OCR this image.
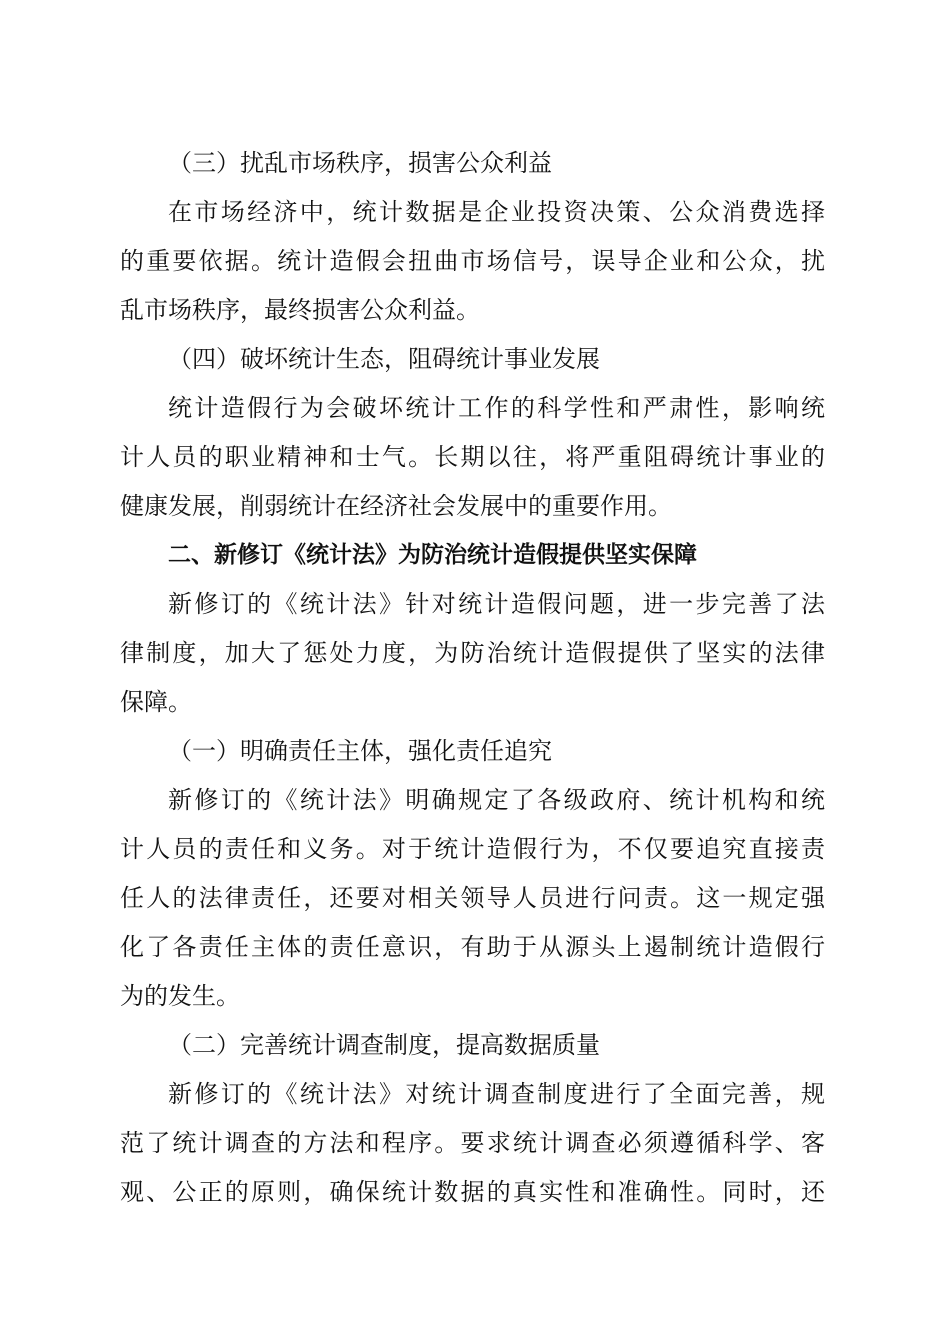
（三）扰乱市场秩序，损害公众利益
在市场经济中，统计数据是企业投资决策、公众消费选择
的重要依据。统计造假会扭曲市场信号，误导企业和公众，扰
乱市场秩序，最终损害公众利益。
（四）破坏统计生态，阻碍统计事业发展
统计造假行为会破坏统计工作的科学性和严肃性，影响统
计人员的职业精神和士气。长期以往，将严重阻碍统计事业的
健康发展，削弱统计在经济社会发展中的重要作用。
二、新修订《统计法》为防治统计造假提供坚实保障
新修订的《统计法》针对统计造假问题，进一步完善了法
律制度，加大了惩处力度，为防治统计造假提供了坚实的法律
保障。
（一）明确责任主体，强化责任追究
新修订的《统计法》明确规定了各级政府、统计机构和统
计人员的责任和义务。对于统计造假行为，不仅要追究直接责
任人的法律责任，还要对相关领导人员进行问责。这一规定强
化了各责任主体的责任意识，有助于从源头上遏制统计造假行
为的发生。
（二）完善统计调查制度，提高数据质量
新修订的《统计法》对统计调查制度进行了全面完善，规
范了统计调查的方法和程序。要求统计调查必须遵循科学、客
观、公正的原则，确保统计数据的真实性和准确性。同时，还
